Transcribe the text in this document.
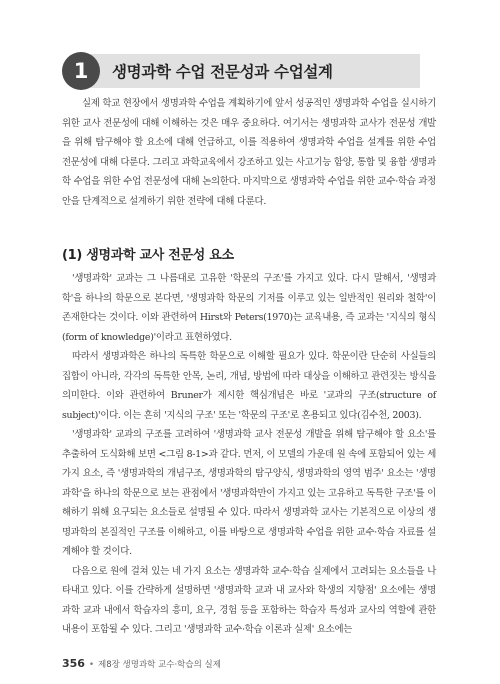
1	생명과학 수업 전문성과 수업설계

실제 학교 현장에서 생명과학 수업을 계획하기에 앞서 성공적인 생명과학 수업을 실시하기 위한 교사 전문성에 대해 이해하는 것은 매우 중요하다. 여기서는 생명과학 교사가 전문성 개발을 위해 탐구해야 할 요소에 대해 언급하고, 이를 적용하여 생명과학 수업을 설계를 위한 수업 전문성에 대해 다룬다. 그리고 과학교육에서 강조하고 있는 사고기능 함양, 통합 및 융합 생명과학 수업을 위한 수업 전문성에 대해 논의한다. 마지막으로 생명과학 수업을 위한 교수·학습 과정안을 단계적으로 설계하기 위한 전략에 대해 다룬다.

(1) 생명과학 교사 전문성 요소

'생명과학' 교과는 그 나름대로 고유한 '학문의 구조'를 가지고 있다. 다시 말해서, '생명과학'을 하나의 학문으로 본다면, '생명과학 학문의 기저를 이루고 있는 일반적인 원리와 철학'이 존재한다는 것이다. 이와 관련하여 Hirst와 Peters(1970)는 교육내용, 즉 교과는 '지식의 형식(form of knowledge)'이라고 표현하였다.

따라서 생명과학은 하나의 독특한 학문으로 이해할 필요가 있다. 학문이란 단순히 사실들의 집합이 아니라, 각각의 독특한 안목, 논리, 개념, 방법에 따라 대상을 이해하고 관련짓는 방식을 의미한다. 이와 관련하여 Bruner가 제시한 핵심개념은 바로 '교과의 구조(structure of subject)'이다. 이는 흔히 '지식의 구조' 또는 '학문의 구조'로 혼용되고 있다(김수천, 2003).

'생명과학' 교과의 구조를 고려하여 '생명과학 교사 전문성 개발을 위해 탐구해야 할 요소'를 추출하여 도식화해 보면 <그림 8-1>과 같다. 먼저, 이 모델의 가운데 원 속에 포함되어 있는 세 가지 요소, 즉 '생명과학의 개념구조, 생명과학의 탐구양식, 생명과학의 영역 범주' 요소는 '생명과학'을 하나의 학문으로 보는 관점에서 '생명과학만이 가지고 있는 고유하고 독특한 구조'를 이해하기 위해 요구되는 요소들로 설명될 수 있다. 따라서 생명과학 교사는 기본적으로 이상의 생명과학의 본질적인 구조를 이해하고, 이를 바탕으로 생명과학 수업을 위한 교수·학습 자료를 설계해야 할 것이다.

다음으로 원에 걸쳐 있는 네 가지 요소는 생명과학 교수·학습 실제에서 고려되는 요소들을 나타내고 있다. 이를 간략하게 설명하면 '생명과학 교과 내 교사와 학생의 지향점' 요소에는 생명과학 교과 내에서 학습자의 흥미, 요구, 경험 등을 포함하는 학습자 특성과 교사의 역할에 관한 내용이 포함될 수 있다. 그리고 '생명과학 교수·학습 이론과 실제' 요소에는

356 • 제8장 생명과학 교수·학습의 실제
